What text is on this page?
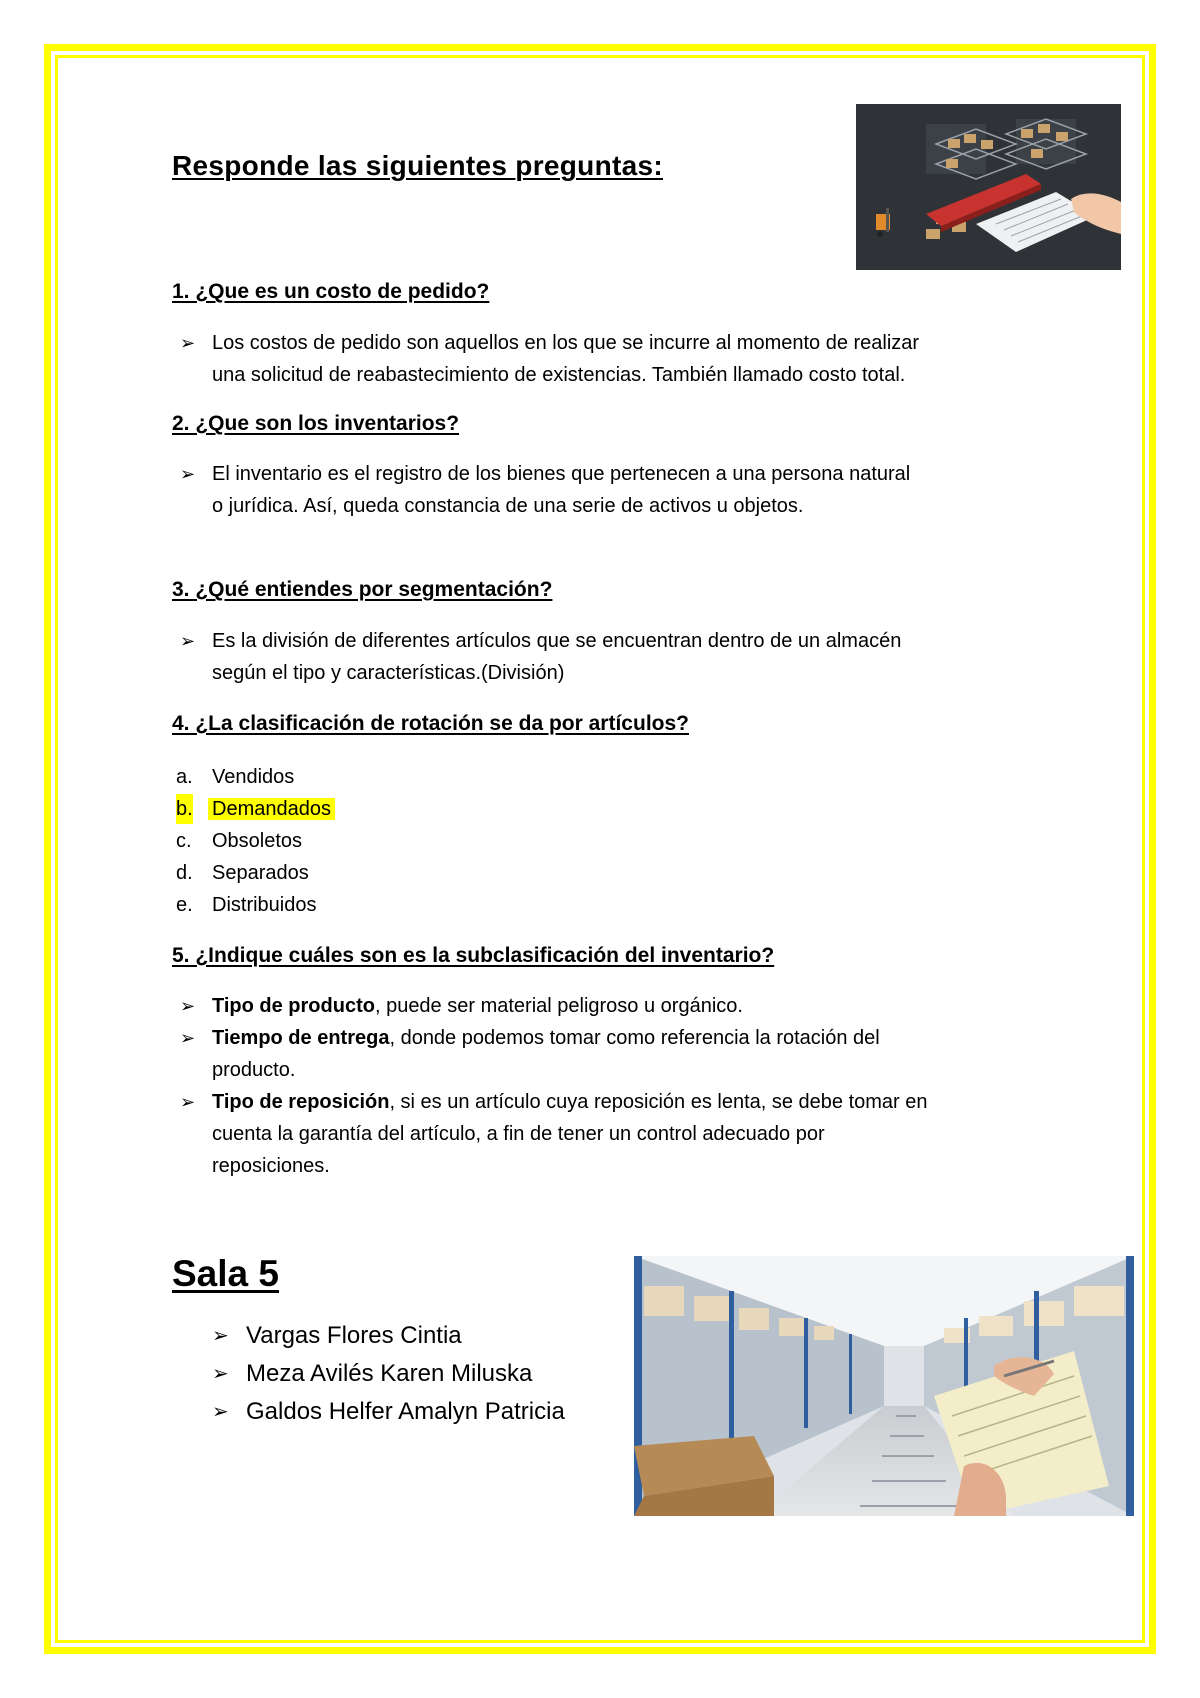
Responde las siguientes preguntas:
1. ¿Que es un costo de pedido?
➢ Los costos de pedido son aquellos en los que se incurre al momento de realizar
una solicitud de reabastecimiento de existencias. También llamado costo total.
2. ¿Que son los inventarios?
➢ El inventario es el registro de los bienes que pertenecen a una persona natural
o jurídica. Así, queda constancia de una serie de activos u objetos.
3. ¿Qué entiendes por segmentación?
➢ Es la división de diferentes artículos que se encuentran dentro de un almacén
según el tipo y características.(División)
4. ¿La clasificación de rotación se da por artículos?
a. Vendidos
b. Demandados
c. Obsoletos
d. Separados
e. Distribuidos
5. ¿Indique cuáles son es la subclasificación del inventario?
➢ Tipo de producto, puede ser material peligroso u orgánico.
➢ Tiempo de entrega, donde podemos tomar como referencia la rotación del
producto.
➢ Tipo de reposición, si es un artículo cuya reposición es lenta, se debe tomar en
cuenta la garantía del artículo, a fin de tener un control adecuado por
reposiciones.
Sala 5
➢ Vargas Flores Cintia
➢ Meza Avilés Karen Miluska
➢ Galdos Helfer Amalyn Patricia
